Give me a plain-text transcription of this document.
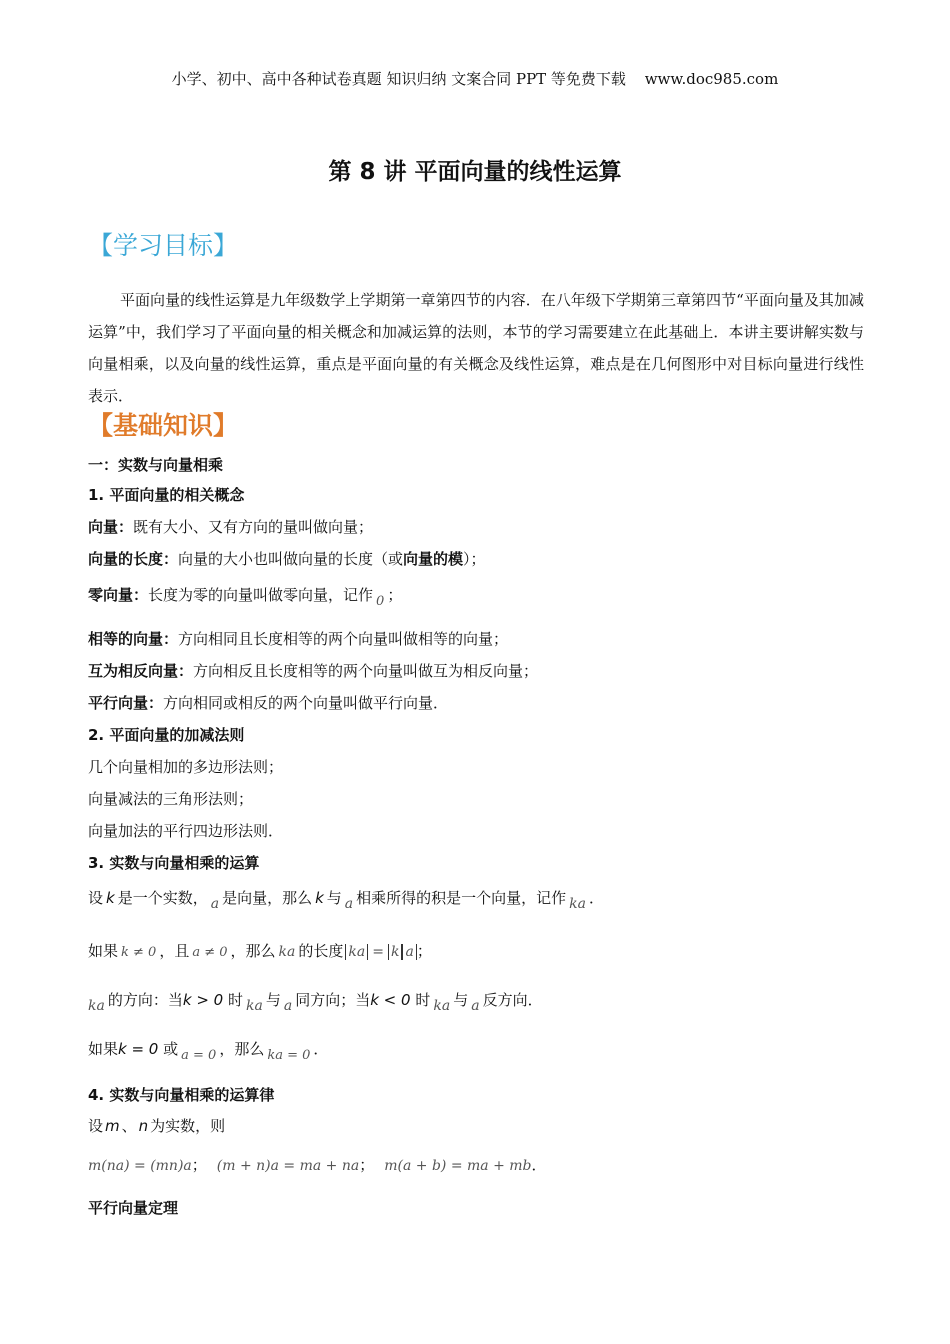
小学、初中、高中各种试卷真题 知识归纳 文案合同 PPT 等免费下载 www.doc985.com
第 8 讲 平面向量的线性运算
【学习目标】
平面向量的线性运算是九年级数学上学期第一章第四节的内容．在八年级下学期第三章第四节“平面向量及其加减运算”中，我们学习了平面向量的相关概念和加减运算的法则，本节的学习需要建立在此基础上．本讲主要讲解实数与向量相乘，以及向量的线性运算，重点是平面向量的有关概念及线性运算，难点是在几何图形中对目标向量进行线性表示．
【基础知识】
一：实数与向量相乘
1. 平面向量的相关概念
向量：既有大小、又有方向的量叫做向量；
向量的长度：向量的大小也叫做向量的长度（或向量的模）；
零向量：长度为零的向量叫做零向量，记作 0 ；
相等的向量：方向相同且长度相等的两个向量叫做相等的向量；
互为相反向量：方向相反且长度相等的两个向量叫做互为相反向量；
平行向量：方向相同或相反的两个向量叫做平行向量．
2. 平面向量的加减法则
几个向量相加的多边形法则；
向量减法的三角形法则；
向量加法的平行四边形法则．
3. 实数与向量相乘的运算
设 k 是一个实数， a 是向量，那么 k 与 a 相乘所得的积是一个向量，记作 ka ．
如果 k ≠ 0 ，且 a ≠ 0 ，那么 ka 的长度 ka = k a ；
ka 的方向：当k > 0 时 ka 与 a 同方向；当k < 0 时 ka 与 a 反方向．
如果k = 0 或 a = 0 ，那么 ka = 0 ．
4. 实数与向量相乘的运算律
设 m 、 n 为实数，则
m(na) = (mn)a； (m + n)a = ma + na； m(a + b) = ma + mb．
平行向量定理
